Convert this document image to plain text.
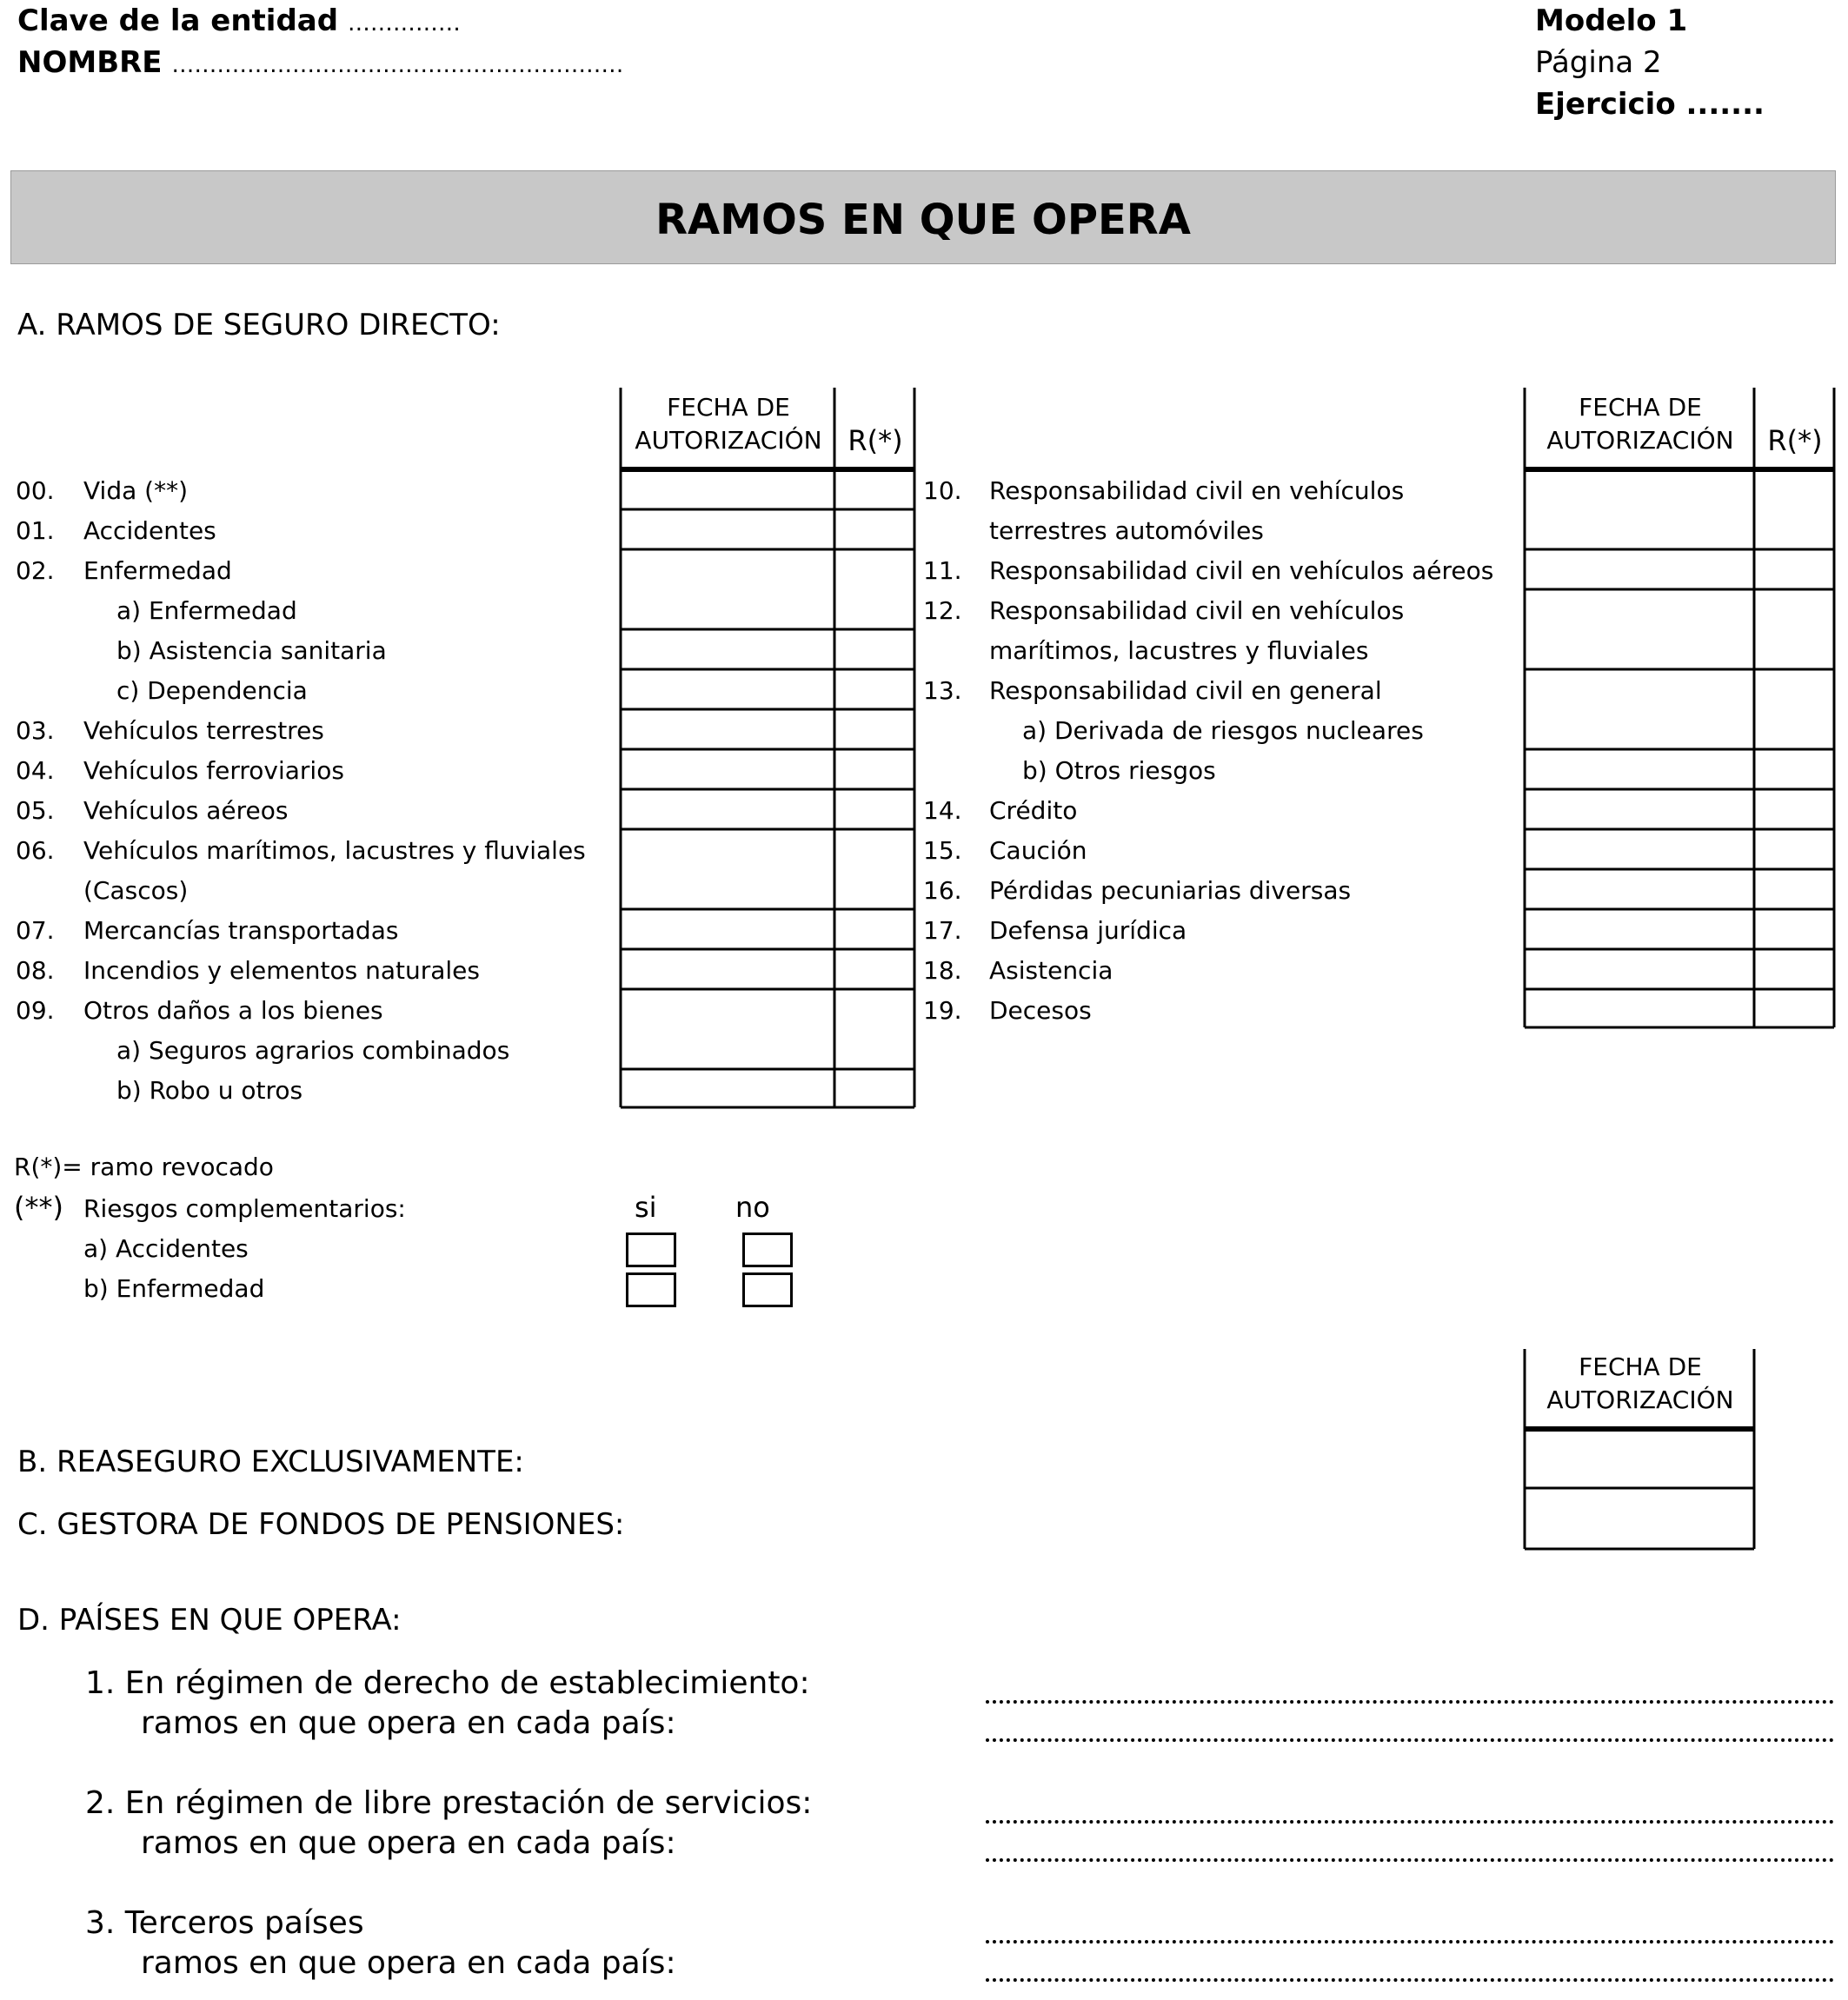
Clave de la entidad ……………
NOMBRE ……………………………………………………
Modelo 1
Página 2
Ejercicio .......
RAMOS EN QUE OPERA
A. RAMOS DE SEGURO DIRECTO:
FECHA DE
AUTORIZACIÓN R(*)
FECHA DE
AUTORIZACIÓN	R(*)
00. Vida (**)
01. Accidentes
02. Enfermedad
a) Enfermedad
b) Asistencia sanitaria
c) Dependencia
03. Vehículos terrestres
04. Vehículos ferroviarios
05. Vehículos aéreos
06. Vehículos marítimos, lacustres y fluviales
(Cascos)
07. Mercancías transportadas
08. Incendios y elementos naturales
09. Otros daños a los bienes
a) Seguros agrarios combinados
b) Robo u otros
10. Responsabilidad civil en vehículos
terrestres automóviles
11. Responsabilidad civil en vehículos aéreos
12. Responsabilidad civil en vehículos
marítimos, lacustres y fluviales
13. Responsabilidad civil en general
a) Derivada de riesgos nucleares
b) Otros riesgos
14. Crédito
15. Caución
16. Pérdidas pecuniarias diversas
17. Defensa jurídica
18. Asistencia
19. Decesos
R(*)= ramo revocado
(**) Riesgos complementarios:	si	no
a) Accidentes
b) Enfermedad
FECHA DE
AUTORIZACIÓN
B. REASEGURO EXCLUSIVAMENTE:
C. GESTORA DE FONDOS DE PENSIONES:
D. PAÍSES EN QUE OPERA:
1. En régimen de derecho de establecimiento:
ramos en que opera en cada país:
2. En régimen de libre prestación de servicios:
ramos en que opera en cada país:
3. Terceros países
ramos en que opera en cada país:
